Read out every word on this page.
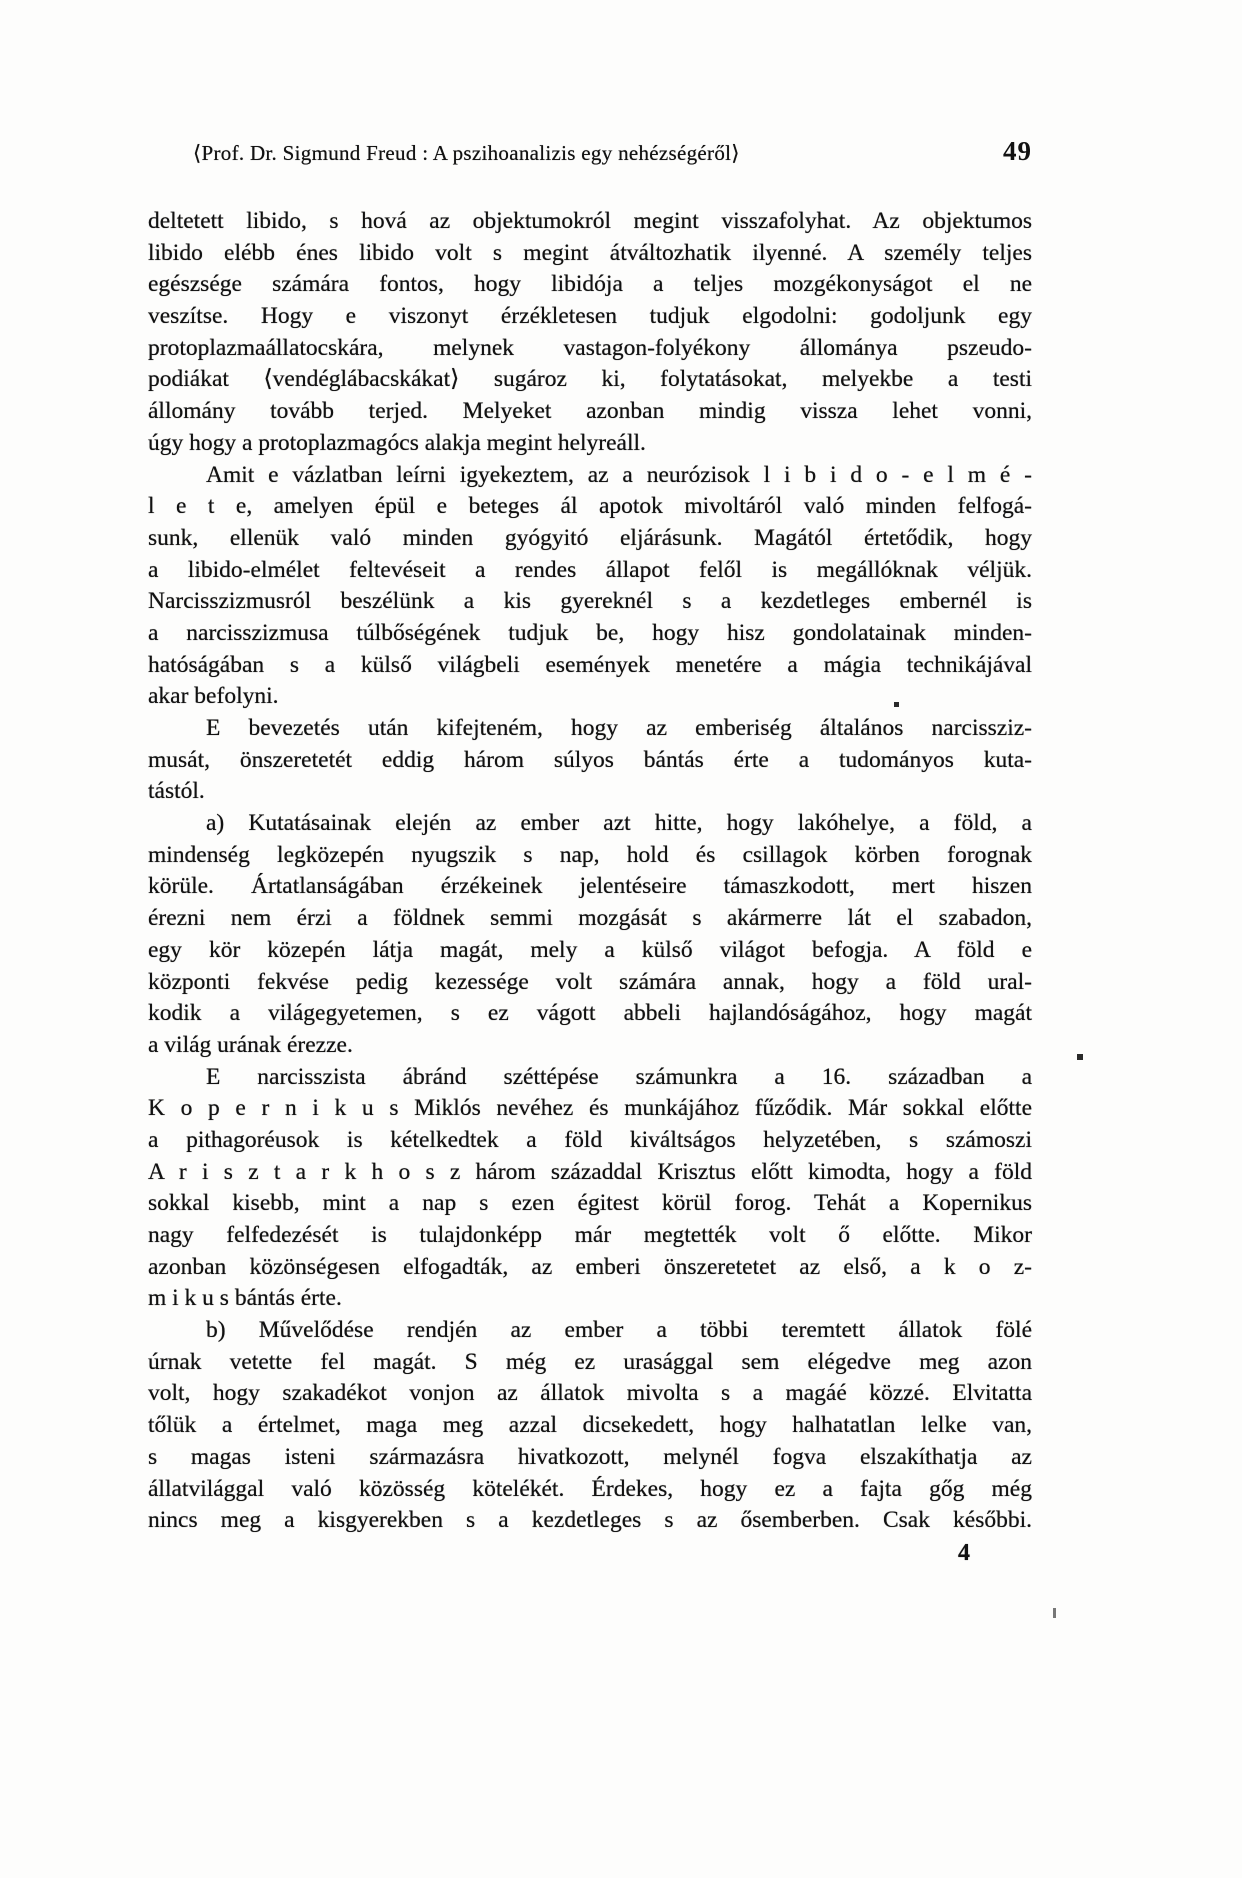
⟨Prof. Dr. Sigmund Freud : A pszihoanalizis egy nehézségéről⟩	49
deltetett libido, s hová az objektumokról megint visszafolyhat. Az objektumos
libido elébb énes libido volt s megint átváltozhatik ilyenné. A személy teljes
egészsége számára fontos, hogy libidója a teljes mozgékonyságot el ne
veszítse. Hogy e viszonyt érzékletesen tudjuk elgodolni: godoljunk egy
protoplazmaállatocskára, melynek vastagon-folyékony állománya pszeudo-
podiákat ⟨vendéglábacskákat⟩ sugároz ki, folytatásokat, melyekbe a testi
állomány tovább terjed. Melyeket azonban mindig vissza lehet vonni,
úgy hogy a protoplazmagócs alakja megint helyreáll.
Amit e vázlatban leírni igyekeztem, az a neurózisok l i b i d o - e l m é -
l e t e, amelyen épül e beteges ál apotok mivoltáról való minden felfogá-
sunk, ellenük való minden gyógyitó eljárásunk. Magától értetődik, hogy
a libido-elmélet feltevéseit a rendes állapot felől is megállóknak véljük.
Narcisszizmusról beszélünk a kis gyereknél s a kezdetleges embernél is
a narcisszizmusa túlbőségének tudjuk be, hogy hisz gondolatainak minden-
hatóságában s a külső világbeli események menetére a mágia technikájával
akar befolyni.
E bevezetés után kifejteném, hogy az emberiség általános narcissziz-
musát, önszeretetét eddig három súlyos bántás érte a tudományos kuta-
tástól.
a) Kutatásainak elején az ember azt hitte, hogy lakóhelye, a föld, a
mindenség legközepén nyugszik s nap, hold és csillagok körben forognak
körüle. Ártatlanságában érzékeinek jelentéseire támaszkodott, mert hiszen
érezni nem érzi a földnek semmi mozgását s akármerre lát el szabadon,
egy kör közepén látja magát, mely a külső világot befogja. A föld e
központi fekvése pedig kezessége volt számára annak, hogy a föld ural-
kodik a világegyetemen, s ez vágott abbeli hajlandóságához, hogy magát
a világ urának érezze.
E narcisszista ábránd széttépése számunkra a 16. században a
K o p e r n i k u s Miklós nevéhez és munkájához fűződik. Már sokkal előtte
a pithagoréusok is kételkedtek a föld kiváltságos helyzetében, s számoszi
A r i s z t a r k h o s z három századdal Krisztus előtt kimodta, hogy a föld
sokkal kisebb, mint a nap s ezen égitest körül forog. Tehát a Kopernikus
nagy felfedezését is tulajdonképp már megtették volt ő előtte. Mikor
azonban közönségesen elfogadták, az emberi önszeretetet az első, a k o z-
m i k u s bántás érte.
b) Művelődése rendjén az ember a többi teremtett állatok fölé
úrnak vetette fel magát. S még ez urasággal sem elégedve meg azon
volt, hogy szakadékot vonjon az állatok mivolta s a magáé közzé. Elvitatta
tőlük a értelmet, maga meg azzal dicsekedett, hogy halhatatlan lelke van,
s magas isteni származásra hivatkozott, melynél fogva elszakíthatja az
állatvilággal való közösség kötelékét. Érdekes, hogy ez a fajta gőg még
nincs meg a kisgyerekben s a kezdetleges s az ősemberben. Csak későbbi.
4
